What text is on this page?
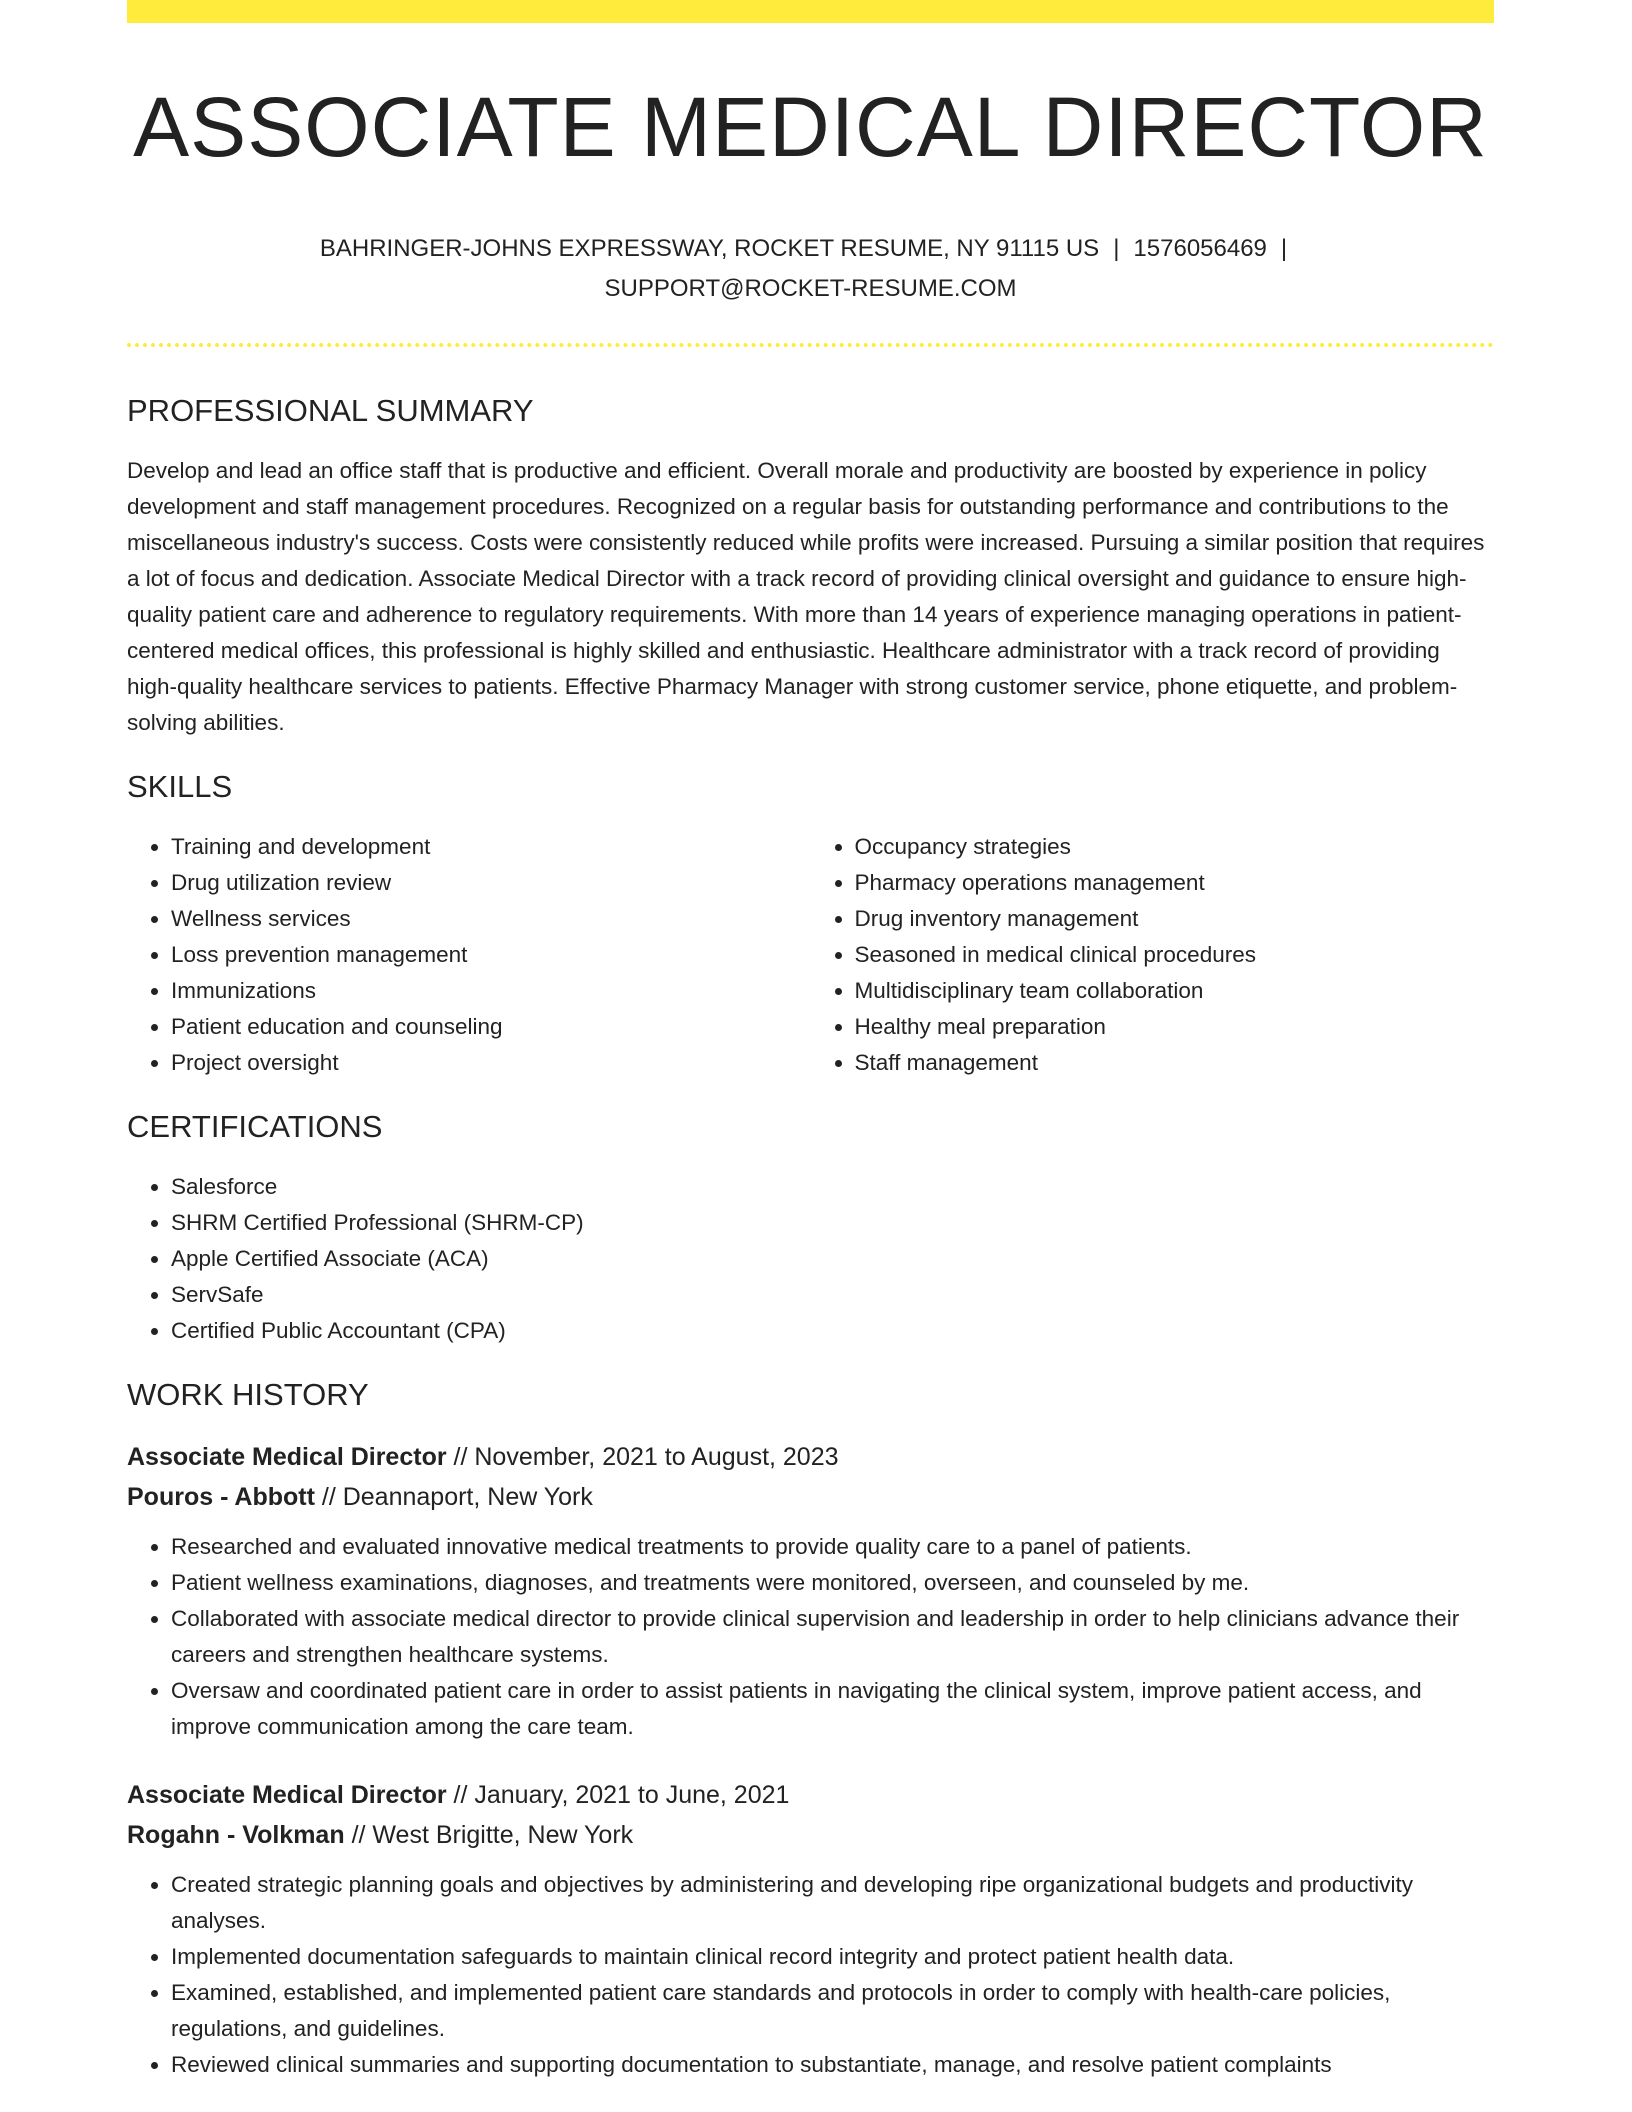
ASSOCIATE MEDICAL DIRECTOR
BAHRINGER-JOHNS EXPRESSWAY, ROCKET RESUME, NY 91115 US | 1576056469 |
SUPPORT@ROCKET-RESUME.COM
PROFESSIONAL SUMMARY

Develop and lead an office staff that is productive and efficient. Overall morale and productivity are boosted by experience in policy development and staff management procedures. Recognized on a regular basis for outstanding performance and contributions to the miscellaneous industry's success. Costs were consistently reduced while profits were increased. Pursuing a similar position that requires a lot of focus and dedication. Associate Medical Director with a track record of providing clinical oversight and guidance to ensure high-quality patient care and adherence to regulatory requirements. With more than 14 years of experience managing operations in patient-centered medical offices, this professional is highly skilled and enthusiastic. Healthcare administrator with a track record of providing high-quality healthcare services to patients. Effective Pharmacy Manager with strong customer service, phone etiquette, and problem-solving abilities.

SKILLS
• Training and development
• Drug utilization review
• Wellness services
• Loss prevention management
• Immunizations
• Patient education and counseling
• Project oversight
• Occupancy strategies
• Pharmacy operations management
• Drug inventory management
• Seasoned in medical clinical procedures
• Multidisciplinary team collaboration
• Healthy meal preparation
• Staff management
CERTIFICATIONS
• Salesforce
• SHRM Certified Professional (SHRM-CP)
• Apple Certified Associate (ACA)
• ServSafe
• Certified Public Accountant (CPA)
WORK HISTORY
Associate Medical Director // November, 2021 to August, 2023
Pouros - Abbott // Deannaport, New York
• Researched and evaluated innovative medical treatments to provide quality care to a panel of patients.
• Patient wellness examinations, diagnoses, and treatments were monitored, overseen, and counseled by me.
• Collaborated with associate medical director to provide clinical supervision and leadership in order to help clinicians advance their careers and strengthen healthcare systems.
• Oversaw and coordinated patient care in order to assist patients in navigating the clinical system, improve patient access, and improve communication among the care team.
Associate Medical Director // January, 2021 to June, 2021
Rogahn - Volkman // West Brigitte, New York
• Created strategic planning goals and objectives by administering and developing ripe organizational budgets and productivity analyses.
• Implemented documentation safeguards to maintain clinical record integrity and protect patient health data.
• Examined, established, and implemented patient care standards and protocols in order to comply with health-care policies, regulations, and guidelines.
• Reviewed clinical summaries and supporting documentation to substantiate, manage, and resolve patient complaints
